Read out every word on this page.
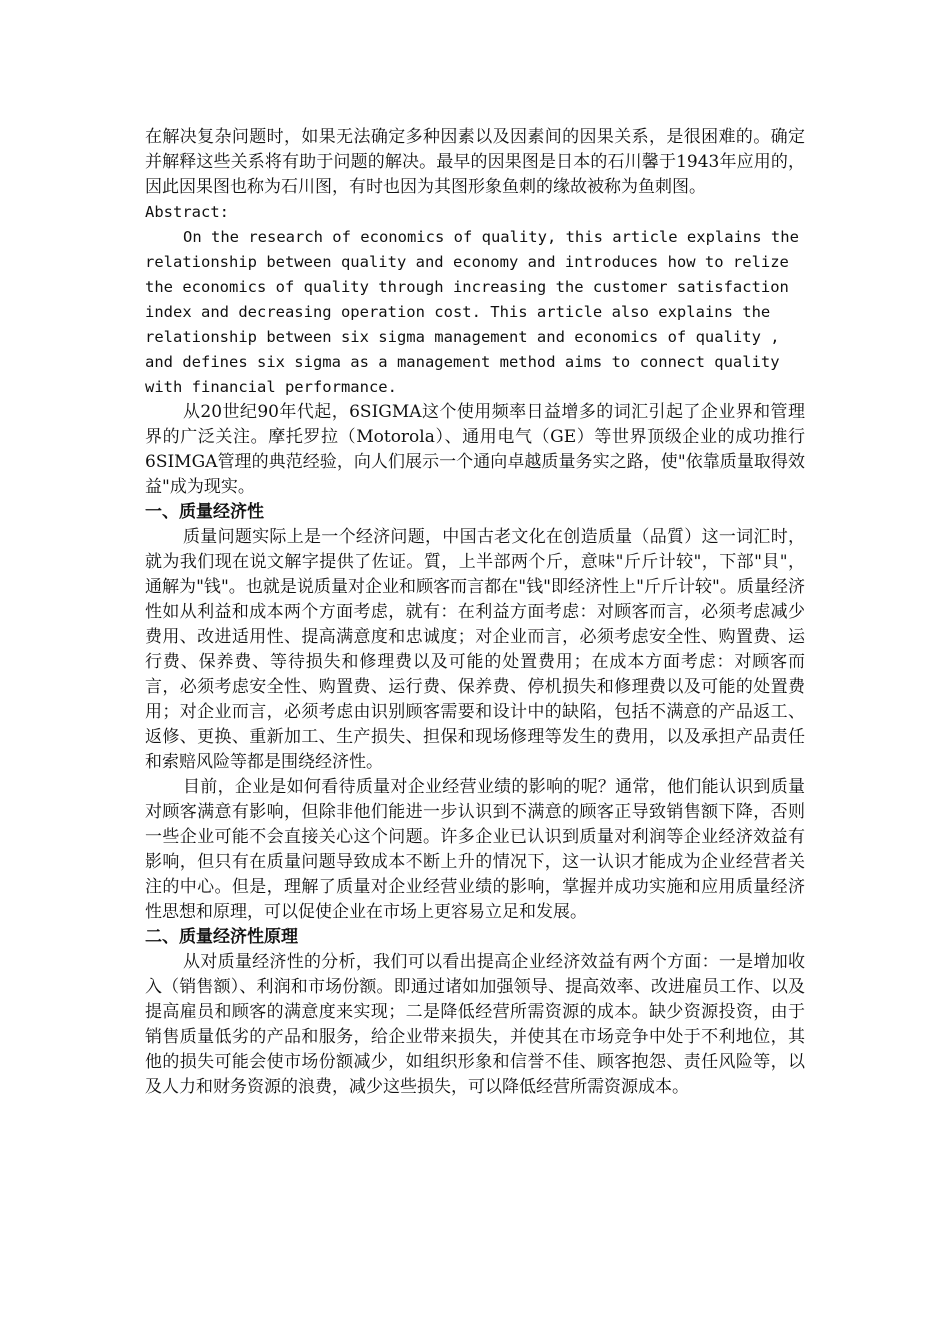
在解决复杂问题时，如果无法确定多种因素以及因素间的因果关系，是很困难的。确定并解释这些关系将有助于问题的解决。最早的因果图是日本的石川馨于1943年应用的，因此因果图也称为石川图，有时也因为其图形象鱼刺的缘故被称为鱼刺图。

Abstract:

On the research of economics of quality, this article explains the relationship between quality and economy and introduces how to relize the economics of quality through increasing the customer satisfaction index and decreasing operation cost. This article also explains the relationship between six sigma management and economics of quality , and defines six sigma as a management method aims to connect quality with financial performance.

从20世纪90年代起，6SIGMA这个使用频率日益增多的词汇引起了企业界和管理界的广泛关注。摩托罗拉（Motorola）、通用电气（GE）等世界顶级企业的成功推行6SIMGA管理的典范经验，向人们展示一个通向卓越质量务实之路，使"依靠质量取得效益"成为现实。

一、质量经济性

质量问题实际上是一个经济问题，中国古老文化在创造质量（品質）这一词汇时，就为我们现在说文解字提供了佐证。質，上半部两个斤，意味"斤斤计较"，下部"貝"，通解为"钱"。也就是说质量对企业和顾客而言都在"钱"即经济性上"斤斤计较"。质量经济性如从利益和成本两个方面考虑，就有：在利益方面考虑：对顾客而言，必须考虑减少费用、改进适用性、提高满意度和忠诚度；对企业而言，必须考虑安全性、购置费、运行费、保养费、等待损失和修理费以及可能的处置费用；在成本方面考虑：对顾客而言，必须考虑安全性、购置费、运行费、保养费、停机损失和修理费以及可能的处置费用；对企业而言，必须考虑由识别顾客需要和设计中的缺陷，包括不满意的产品返工、返修、更换、重新加工、生产损失、担保和现场修理等发生的费用，以及承担产品责任和索赔风险等都是围绕经济性。

目前，企业是如何看待质量对企业经营业绩的影响的呢？通常，他们能认识到质量对顾客满意有影响，但除非他们能进一步认识到不满意的顾客正导致销售额下降，否则一些企业可能不会直接关心这个问题。许多企业已认识到质量对利润等企业经济效益有影响，但只有在质量问题导致成本不断上升的情况下，这一认识才能成为企业经营者关注的中心。但是，理解了质量对企业经营业绩的影响，掌握并成功实施和应用质量经济性思想和原理，可以促使企业在市场上更容易立足和发展。

二、质量经济性原理

从对质量经济性的分析，我们可以看出提高企业经济效益有两个方面：一是增加收入（销售额）、利润和市场份额。即通过诸如加强领导、提高效率、改进雇员工作、以及提高雇员和顾客的满意度来实现；二是降低经营所需资源的成本。缺少资源投资，由于销售质量低劣的产品和服务，给企业带来损失，并使其在市场竞争中处于不利地位，其他的损失可能会使市场份额减少，如组织形象和信誉不佳、顾客抱怨、责任风险等，以及人力和财务资源的浪费，减少这些损失，可以降低经营所需资源成本。
